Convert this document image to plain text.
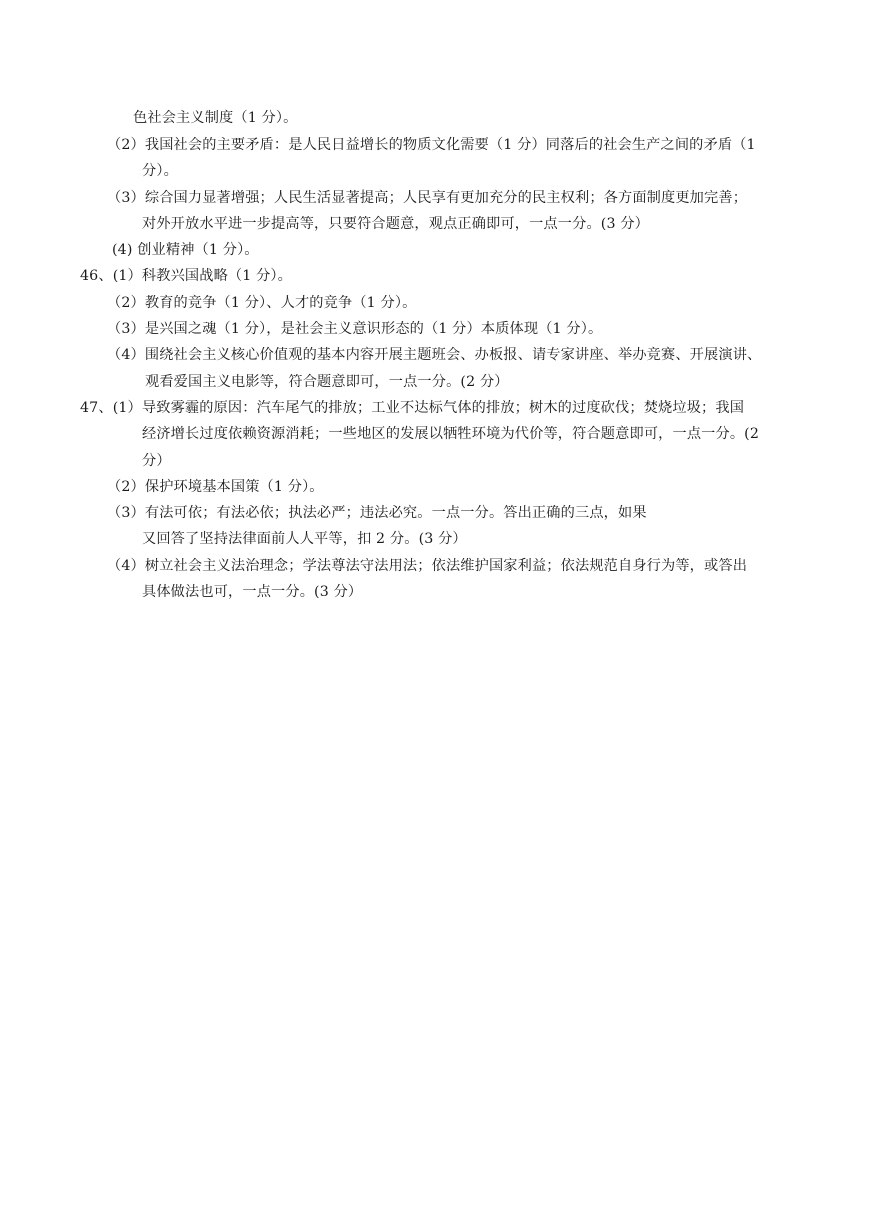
色社会主义制度（1 分）。
（2）我国社会的主要矛盾：是人民日益增长的物质文化需要（1 分）同落后的社会生产之间的矛盾（1
分）。
（3）综合国力显著增强；人民生活显著提高；人民享有更加充分的民主权利；各方面制度更加完善；
对外开放水平进一步提高等，只要符合题意，观点正确即可，一点一分。(3 分）
(4) 创业精神（1 分）。
46、(1）科教兴国战略（1 分）。
（2）教育的竞争（1 分）、人才的竞争（1 分）。
（3）是兴国之魂（1 分），是社会主义意识形态的（1 分）本质体现（1 分）。
（4）围绕社会主义核心价值观的基本内容开展主题班会、办板报、请专家讲座、举办竞赛、开展演讲、
观看爱国主义电影等，符合题意即可，一点一分。(2 分）
47、(1）导致雾霾的原因：汽车尾气的排放；工业不达标气体的排放；树木的过度砍伐；焚烧垃圾；我国
经济增长过度依赖资源消耗；一些地区的发展以牺牲环境为代价等，符合题意即可，一点一分。(2
分）
（2）保护环境基本国策（1 分）。
（3）有法可依；有法必依；执法必严；违法必究。一点一分。答出正确的三点，如果
又回答了坚持法律面前人人平等，扣 2 分。(3 分）
（4）树立社会主义法治理念；学法尊法守法用法；依法维护国家利益；依法规范自身行为等，或答出
具体做法也可，一点一分。(3 分）
